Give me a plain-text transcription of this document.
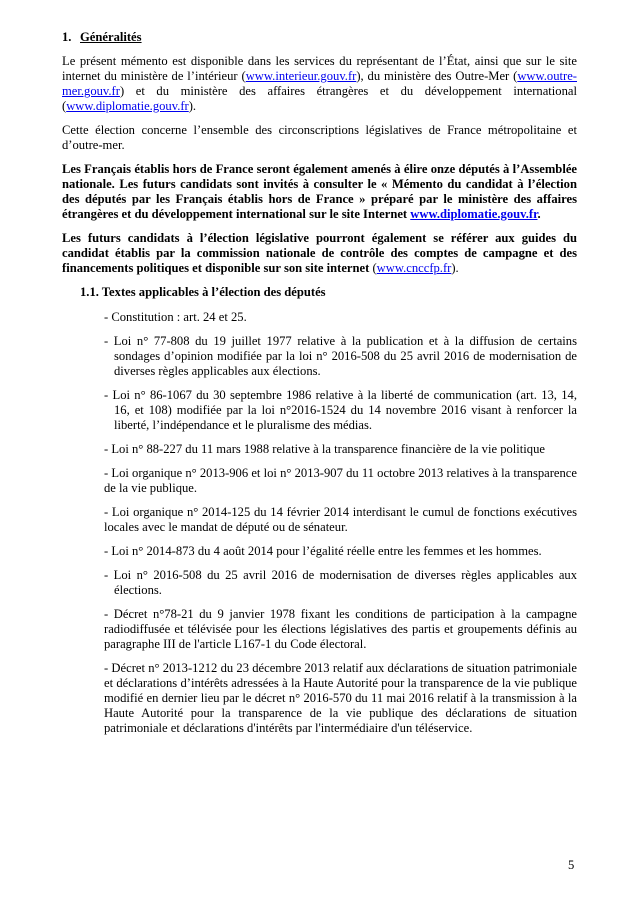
1. Généralités

Le présent mémento est disponible dans les services du représentant de l’État, ainsi que sur le site internet du ministère de l’intérieur (www.interieur.gouv.fr), du ministère des Outre-Mer (www.outre-mer.gouv.fr) et du ministère des affaires étrangères et du développement international (www.diplomatie.gouv.fr).

Cette élection concerne l’ensemble des circonscriptions législatives de France métropolitaine et d’outre-mer.

Les Français établis hors de France seront également amenés à élire onze députés à l’Assemblée nationale. Les futurs candidats sont invités à consulter le « Mémento du candidat à l’élection des députés par les Français établis hors de France » préparé par le ministère des affaires étrangères et du développement international sur le site Internet www.diplomatie.gouv.fr.

Les futurs candidats à l’élection législative pourront également se référer aux guides du candidat établis par la commission nationale de contrôle des comptes de campagne et des financements politiques et disponible sur son site internet (www.cnccfp.fr).

1.1. Textes applicables à l’élection des députés
- Constitution : art. 24 et 25.
- Loi n° 77-808 du 19 juillet 1977 relative à la publication et à la diffusion de certains sondages d’opinion modifiée par la loi n° 2016-508 du 25 avril 2016 de modernisation de diverses règles applicables aux élections.
- Loi n° 86-1067 du 30 septembre 1986 relative à la liberté de communication (art. 13, 14, 16, et 108) modifiée par la loi n°2016-1524 du 14 novembre 2016 visant à renforcer la liberté, l’indépendance et le pluralisme des médias.
- Loi n° 88-227 du 11 mars 1988 relative à la transparence financière de la vie politique
- Loi organique n° 2013-906 et loi n° 2013-907 du 11 octobre 2013 relatives à la transparence de la vie publique.
- Loi organique n° 2014-125 du 14 février 2014 interdisant le cumul de fonctions exécutives locales avec le mandat de député ou de sénateur.
- Loi n° 2014-873 du 4 août 2014 pour l’égalité réelle entre les femmes et les hommes.
- Loi n° 2016-508 du 25 avril 2016 de modernisation de diverses règles applicables aux élections.
- Décret n°78-21 du 9 janvier 1978 fixant les conditions de participation à la campagne radiodiffusée et télévisée pour les élections législatives des partis et groupements définis au paragraphe III de l'article L167-1 du Code électoral.
- Décret n° 2013-1212 du 23 décembre 2013 relatif aux déclarations de situation patrimoniale et déclarations d’intérêts adressées à la Haute Autorité pour la transparence de la vie publique modifié en dernier lieu par le décret n° 2016-570 du 11 mai 2016 relatif à la transmission à la Haute Autorité pour la transparence de la vie publique des déclarations de situation patrimoniale et déclarations d'intérêts par l'intermédiaire d'un téléservice.
5
